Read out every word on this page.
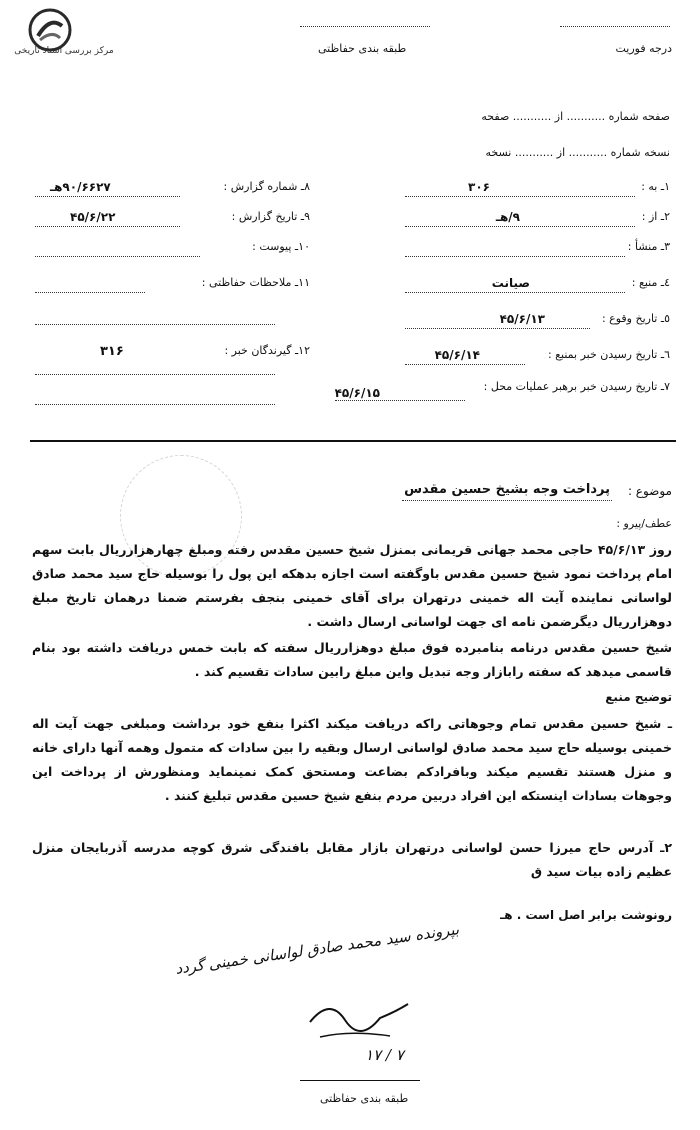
مرکز بررسی اسناد تاریخی	طبقه بندی حفاظتی	درجه فوریت
صفحه شماره ........... از ........... صفحه
نسخه شماره ........... از ........... نسخه
۱ـ به :
۳۰۶
۲ـ از :
۹/هـ
۳ـ منشأ :
٤ـ منبع :
صیانت
٥ـ تاریخ وقوع :
۴۵/۶/۱۳
٦ـ تاریخ رسیدن خبر بمنبع :
۴۵/۶/۱۴
٧ـ تاریخ رسیدن خبر برهبر عملیات محل :
۴۵/۶/۱۵
٨ـ شماره گزارش :
۹۰/۶۶۲۷هـ
٩ـ تاریخ گزارش :
۴۵/۶/۲۲
١٠ـ پیوست :
١١ـ ملاحظات حفاظتی :
١٢ـ گیرندگان خبر :
۳۱۶
موضوع :
پرداخت وجه بشیخ حسین مقدس
عطف/پیرو :
روز ۴۵/۶/۱۳ حاجی محمد جهانی قریمانی بمنزل شیخ حسین مقدس رفته ومبلغ چهارهزارریال بابت سهم امام پرداخت نمود شیخ حسین مقدس باوگفته است اجازه بدهکه این پول را بوسیله حاج سید محمد صادق لواسانی نماینده آیت اله خمینی درتهران برای آقای خمینی بنجف بفرستم ضمنا درهمان تاریخ مبلغ دوهزارریال دیگرضمن نامه ای جهت لواسانی ارسال داشت .
شیخ حسین مقدس درنامه بنامبرده فوق مبلغ دوهزارریال سفته که بابت خمس دریافت داشته بود بنام قاسمی میدهد که سفته رابازار وجه تبدیل واین مبلغ رابین سادات تقسیم کند .
توضیح منبع
ـ شیخ حسین مقدس تمام وجوهاتی راکه دریافت میکند اکثرا بنفع خود برداشت ومبلغی جهت آیت اله خمینی بوسیله حاج سید محمد صادق لواسانی ارسال وبقیه را بین سادات که متمول وهمه آنها دارای خانه و منزل هستند تقسیم میکند وبافرادکم بضاعت ومستحق کمک نمینماید ومنظورش از پرداخت این وجوهات بسادات اینستکه این افراد دربین مردم بنفع شیخ حسین مقدس تبلیغ کنند .
۲ـ آدرس حاج میرزا حسن لواسانی درتهران بازار مقابل بافندگی شرق کوچه مدرسه آذربایجان منزل عظیم زاده بیات سید ق
رونوشت برابر اصل است . هـ
بپرونده سید محمد صادق لواسانی خمینی گردد
۱۷ / ۷
طبقه بندی حفاظتی
